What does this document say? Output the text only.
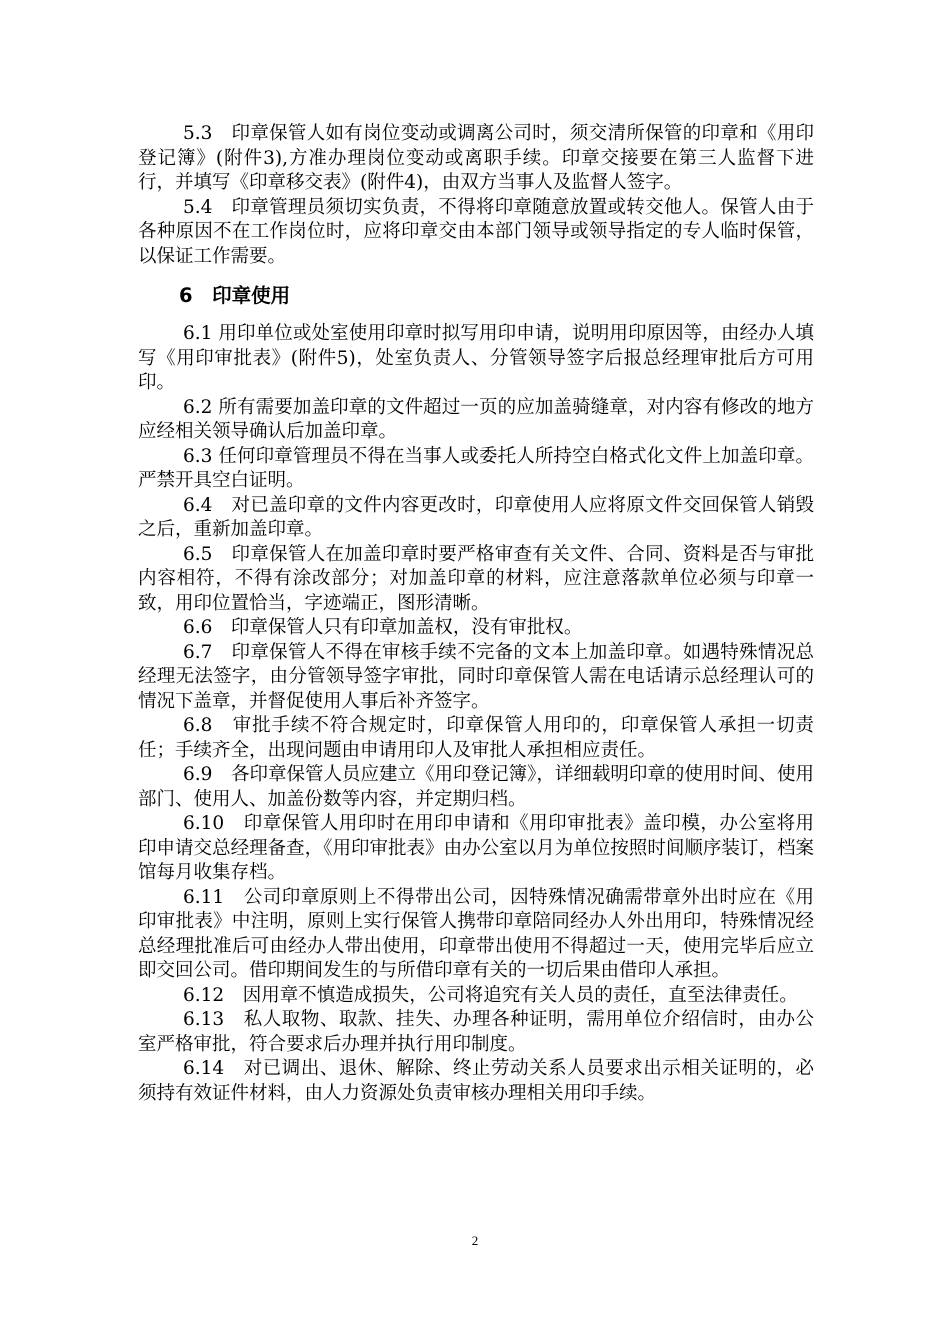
5.3　印章保管人如有岗位变动或调离公司时，须交清所保管的印章和《用印登记簿》(附件3),方准办理岗位变动或离职手续。印章交接要在第三人监督下进行，并填写《印章移交表》(附件4)，由双方当事人及监督人签字。

5.4　印章管理员须切实负责，不得将印章随意放置或转交他人。保管人由于各种原因不在工作岗位时，应将印章交由本部门领导或领导指定的专人临时保管，以保证工作需要。

6　印章使用

6.1 用印单位或处室使用印章时拟写用印申请，说明用印原因等，由经办人填写《用印审批表》(附件5)，处室负责人、分管领导签字后报总经理审批后方可用印。

6.2 所有需要加盖印章的文件超过一页的应加盖骑缝章，对内容有修改的地方应经相关领导确认后加盖印章。

6.3 任何印章管理员不得在当事人或委托人所持空白格式化文件上加盖印章。严禁开具空白证明。

6.4　对已盖印章的文件内容更改时，印章使用人应将原文件交回保管人销毁之后，重新加盖印章。

6.5　印章保管人在加盖印章时要严格审查有关文件、合同、资料是否与审批内容相符，不得有涂改部分；对加盖印章的材料，应注意落款单位必须与印章一致，用印位置恰当，字迹端正，图形清晰。

6.6　印章保管人只有印章加盖权，没有审批权。

6.7　印章保管人不得在审核手续不完备的文本上加盖印章。如遇特殊情况总经理无法签字，由分管领导签字审批，同时印章保管人需在电话请示总经理认可的情况下盖章，并督促使用人事后补齐签字。

6.8　审批手续不符合规定时，印章保管人用印的，印章保管人承担一切责任；手续齐全，出现问题由申请用印人及审批人承担相应责任。

6.9　各印章保管人员应建立《用印登记簿》，详细载明印章的使用时间、使用部门、使用人、加盖份数等内容，并定期归档。

6.10　印章保管人用印时在用印申请和《用印审批表》盖印模，办公室将用印申请交总经理备查，《用印审批表》由办公室以月为单位按照时间顺序装订，档案馆每月收集存档。

6.11　公司印章原则上不得带出公司，因特殊情况确需带章外出时应在《用印审批表》中注明，原则上实行保管人携带印章陪同经办人外出用印，特殊情况经总经理批准后可由经办人带出使用，印章带出使用不得超过一天，使用完毕后应立即交回公司。借印期间发生的与所借印章有关的一切后果由借印人承担。

6.12　因用章不慎造成损失，公司将追究有关人员的责任，直至法律责任。

6.13　私人取物、取款、挂失、办理各种证明，需用单位介绍信时，由办公室严格审批，符合要求后办理并执行用印制度。

6.14　对已调出、退休、解除、终止劳动关系人员要求出示相关证明的，必须持有效证件材料，由人力资源处负责审核办理相关用印手续。

2
